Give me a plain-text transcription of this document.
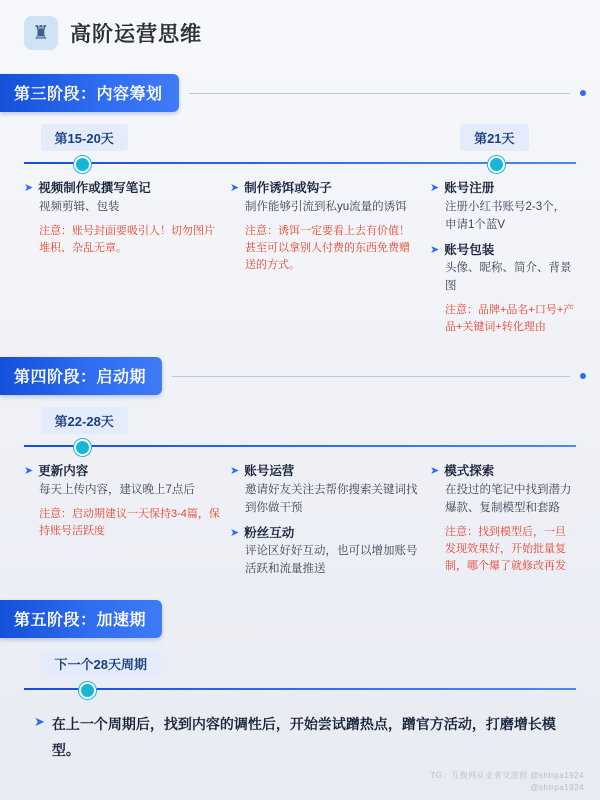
♜ 高阶运营思维
第三阶段：内容筹划
第15-20天	第21天
➤ 视频制作或撰写笔记
视频剪辑、包装
注意：账号封面要吸引人！切勿图片堆积、杂乱无章。
➤ 制作诱饵或钩子
制作能够引流到私yu流量的诱饵
注意：诱饵一定要看上去有价值！甚至可以拿别人付费的东西免费赠送的方式。
➤ 账号注册
注册小红书账号2-3个，申请1个蓝V
➤ 账号包装
头像、昵称、简介、背景图
注意：品牌+品名+口号+产品+关键词+转化理由
第四阶段：启动期
第22-28天
➤ 更新内容
每天上传内容，建议晚上7点后
注意：启动期建议一天保持3-4篇，保持账号活跃度
➤ 账号运营
邀请好友关注去帮你搜索关键词找到你做干预
➤ 粉丝互动
评论区好好互动，也可以增加账号活跃和流量推送
➤ 模式探索
在投过的笔记中找到潜力爆款、复制模型和套路
注意：找到模型后，一旦发现效果好，开始批量复制，哪个爆了就修改再发
第五阶段：加速期
下一个28天周期
➤ 在上一个周期后，找到内容的调性后，开始尝试蹭热点，蹭官方活动，打磨增长模型。
TG：互换网从业者交流群 @shtrpa1924
@shtrpa1924
